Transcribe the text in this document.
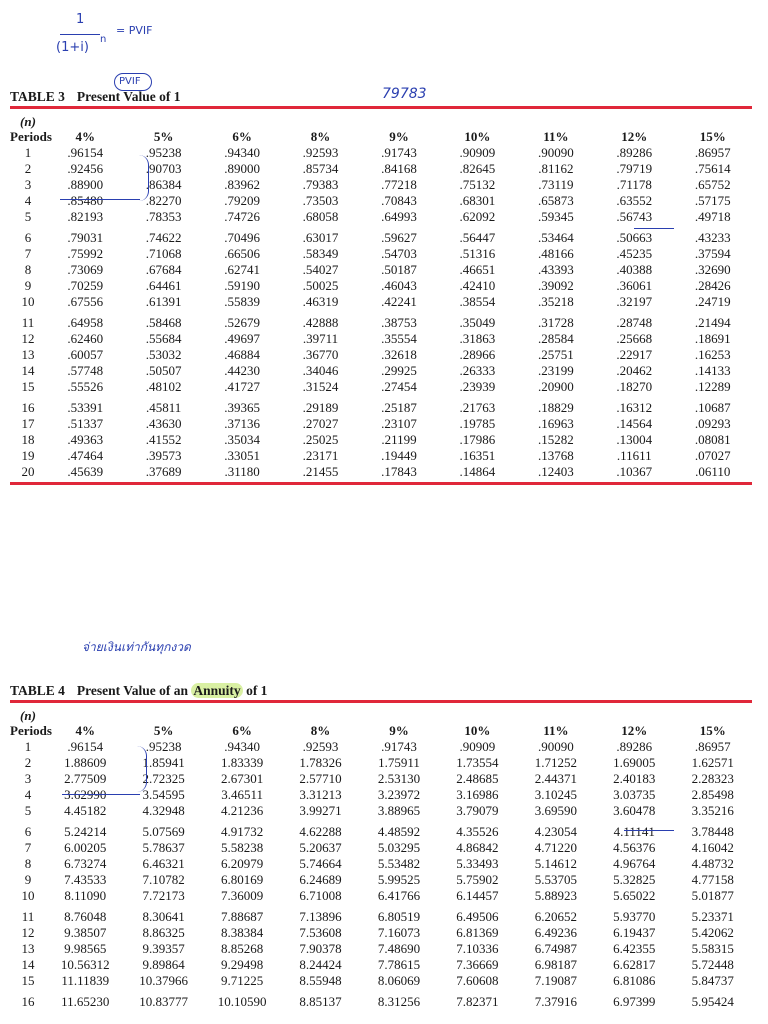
1
(1+i)
n
= PVIF
PVIF
79783
จ่ายเงินเท่ากันทุกงวด
TABLE 3 Present Value of 1
(n)									
Periods	4%	5%	6%	8%	9%	10%	11%	12%	15%
1	.96154	.95238	.94340	.92593	.91743	.90909	.90090	.89286	.86957
2	.92456	.90703	.89000	.85734	.84168	.82645	.81162	.79719	.75614
3	.88900	.86384	.83962	.79383	.77218	.75132	.73119	.71178	.65752
4	.85480	.82270	.79209	.73503	.70843	.68301	.65873	.63552	.57175
5	.82193	.78353	.74726	.68058	.64993	.62092	.59345	.56743	.49718
6	.79031	.74622	.70496	.63017	.59627	.56447	.53464	.50663	.43233
7	.75992	.71068	.66506	.58349	.54703	.51316	.48166	.45235	.37594
8	.73069	.67684	.62741	.54027	.50187	.46651	.43393	.40388	.32690
9	.70259	.64461	.59190	.50025	.46043	.42410	.39092	.36061	.28426
10	.67556	.61391	.55839	.46319	.42241	.38554	.35218	.32197	.24719
11	.64958	.58468	.52679	.42888	.38753	.35049	.31728	.28748	.21494
12	.62460	.55684	.49697	.39711	.35554	.31863	.28584	.25668	.18691
13	.60057	.53032	.46884	.36770	.32618	.28966	.25751	.22917	.16253
14	.57748	.50507	.44230	.34046	.29925	.26333	.23199	.20462	.14133
15	.55526	.48102	.41727	.31524	.27454	.23939	.20900	.18270	.12289
16	.53391	.45811	.39365	.29189	.25187	.21763	.18829	.16312	.10687
17	.51337	.43630	.37136	.27027	.23107	.19785	.16963	.14564	.09293
18	.49363	.41552	.35034	.25025	.21199	.17986	.15282	.13004	.08081
19	.47464	.39573	.33051	.23171	.19449	.16351	.13768	.11611	.07027
20	.45639	.37689	.31180	.21455	.17843	.14864	.12403	.10367	.06110
TABLE 4 Present Value of an Annuity of 1
(n)									
Periods	4%	5%	6%	8%	9%	10%	11%	12%	15%
1	.96154	.95238	.94340	.92593	.91743	.90909	.90090	.89286	.86957
2	1.88609	1.85941	1.83339	1.78326	1.75911	1.73554	1.71252	1.69005	1.62571
3	2.77509	2.72325	2.67301	2.57710	2.53130	2.48685	2.44371	2.40183	2.28323
4	3.62990	3.54595	3.46511	3.31213	3.23972	3.16986	3.10245	3.03735	2.85498
5	4.45182	4.32948	4.21236	3.99271	3.88965	3.79079	3.69590	3.60478	3.35216
6	5.24214	5.07569	4.91732	4.62288	4.48592	4.35526	4.23054	4.11141	3.78448
7	6.00205	5.78637	5.58238	5.20637	5.03295	4.86842	4.71220	4.56376	4.16042
8	6.73274	6.46321	6.20979	5.74664	5.53482	5.33493	5.14612	4.96764	4.48732
9	7.43533	7.10782	6.80169	6.24689	5.99525	5.75902	5.53705	5.32825	4.77158
10	8.11090	7.72173	7.36009	6.71008	6.41766	6.14457	5.88923	5.65022	5.01877
11	8.76048	8.30641	7.88687	7.13896	6.80519	6.49506	6.20652	5.93770	5.23371
12	9.38507	8.86325	8.38384	7.53608	7.16073	6.81369	6.49236	6.19437	5.42062
13	9.98565	9.39357	8.85268	7.90378	7.48690	7.10336	6.74987	6.42355	5.58315
14	10.56312	9.89864	9.29498	8.24424	7.78615	7.36669	6.98187	6.62817	5.72448
15	11.11839	10.37966	9.71225	8.55948	8.06069	7.60608	7.19087	6.81086	5.84737
16	11.65230	10.83777	10.10590	8.85137	8.31256	7.82371	7.37916	6.97399	5.95424
